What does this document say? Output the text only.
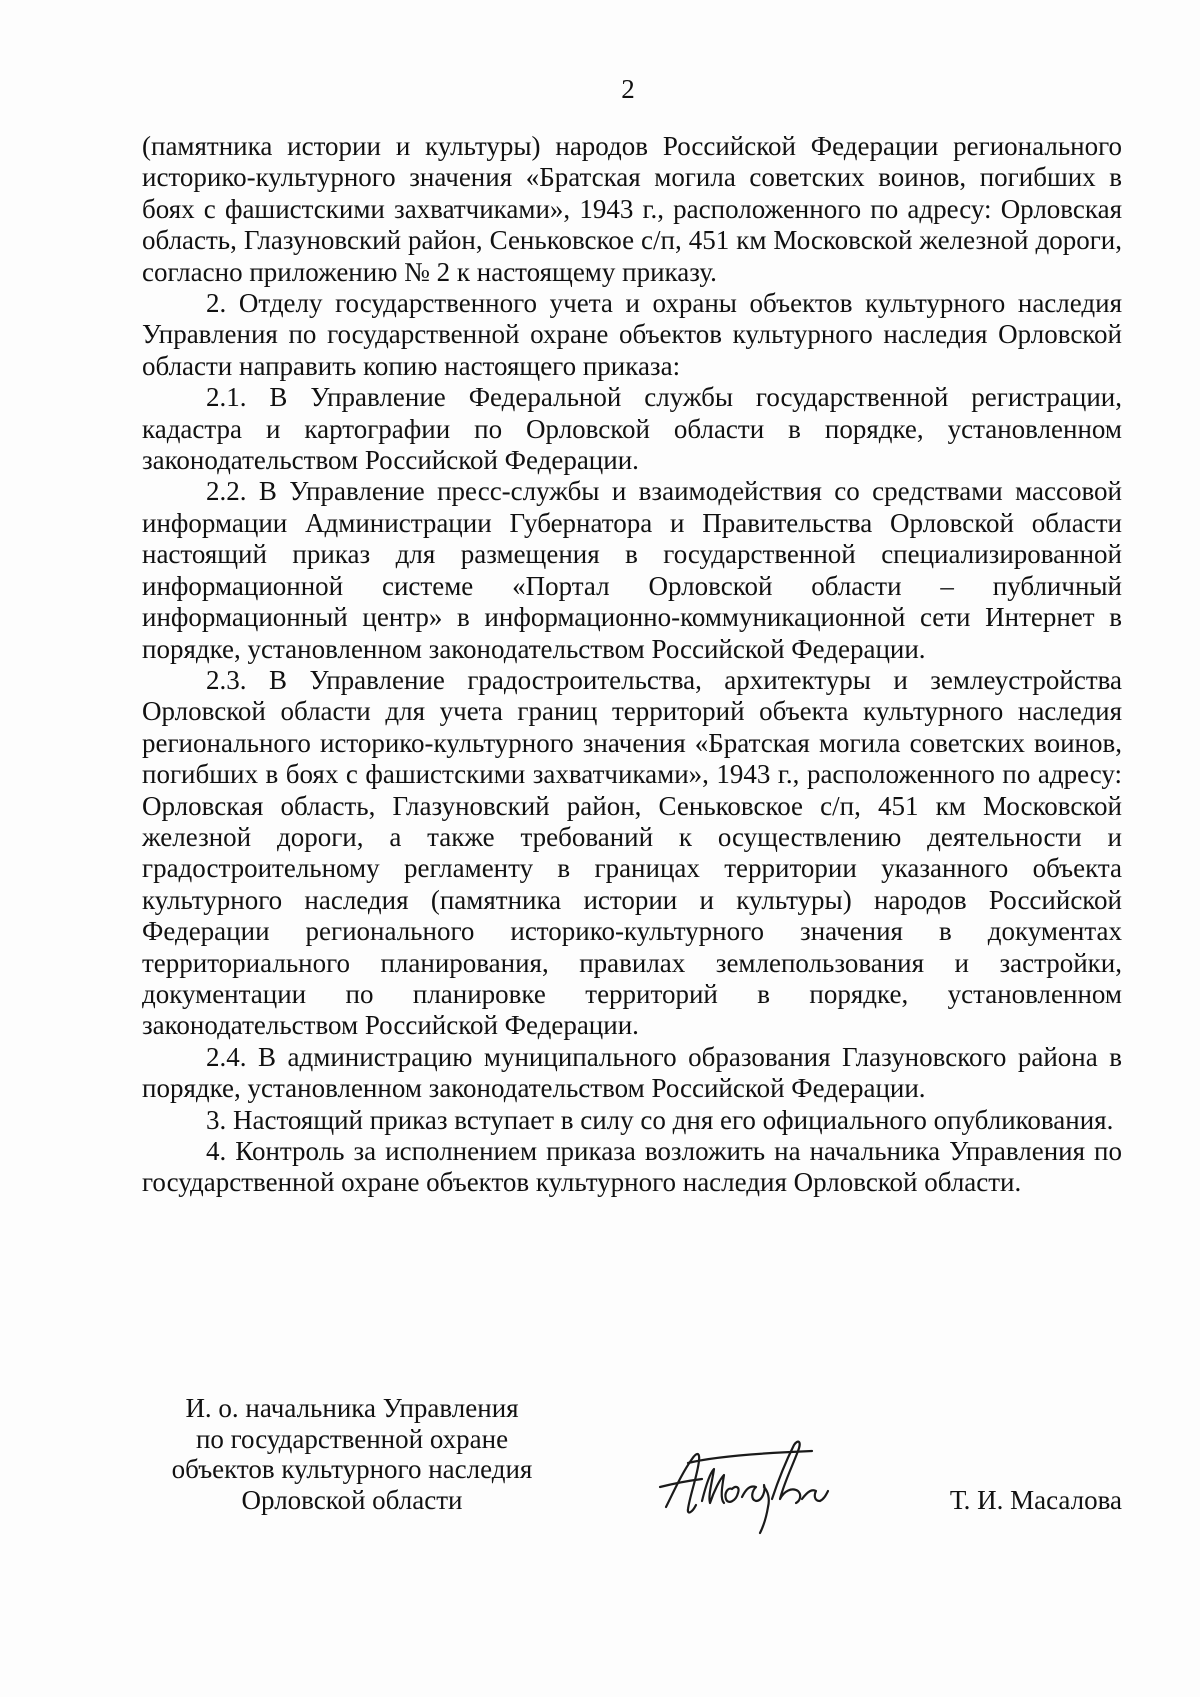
2

(памятника истории и культуры) народов Российской Федерации регионального историко-культурного значения «Братская могила советских воинов, погибших в боях с фашистскими захватчиками», 1943 г., расположенного по адресу: Орловская область, Глазуновский район, Сеньковское с/п, 451 км Московской железной дороги, согласно приложению № 2 к настоящему приказу.

2. Отделу государственного учета и охраны объектов культурного наследия Управления по государственной охране объектов культурного наследия Орловской области направить копию настоящего приказа:

2.1. В Управление Федеральной службы государственной регистрации, кадастра и картографии по Орловской области в порядке, установленном законодательством Российской Федерации.

2.2. В Управление пресс-службы и взаимодействия со средствами массовой информации Администрации Губернатора и Правительства Орловской области настоящий приказ для размещения в государственной специализированной информационной системе «Портал Орловской области – публичный информационный центр» в информационно-коммуникационной сети Интернет в порядке, установленном законодательством Российской Федерации.

2.3. В Управление градостроительства, архитектуры и землеустройства Орловской области для учета границ территорий объекта культурного наследия регионального историко-культурного значения «Братская могила советских воинов, погибших в боях с фашистскими захватчиками», 1943 г., расположенного по адресу: Орловская область, Глазуновский район, Сеньковское с/п, 451 км Московской железной дороги, а также требований к осуществлению деятельности и градостроительному регламенту в границах территории указанного объекта культурного наследия (памятника истории и культуры) народов Российской Федерации регионального историко-культурного значения в документах территориального планирования, правилах землепользования и застройки, документации по планировке территорий в порядке, установленном законодательством Российской Федерации.

2.4. В администрацию муниципального образования Глазуновского района в порядке, установленном законодательством Российской Федерации.

3. Настоящий приказ вступает в силу со дня его официального опубликования.

4. Контроль за исполнением приказа возложить на начальника Управления по государственной охране объектов культурного наследия Орловской области.

И. о. начальника Управления
по государственной охране
объектов культурного наследия
Орловской области	Т. И. Масалова
